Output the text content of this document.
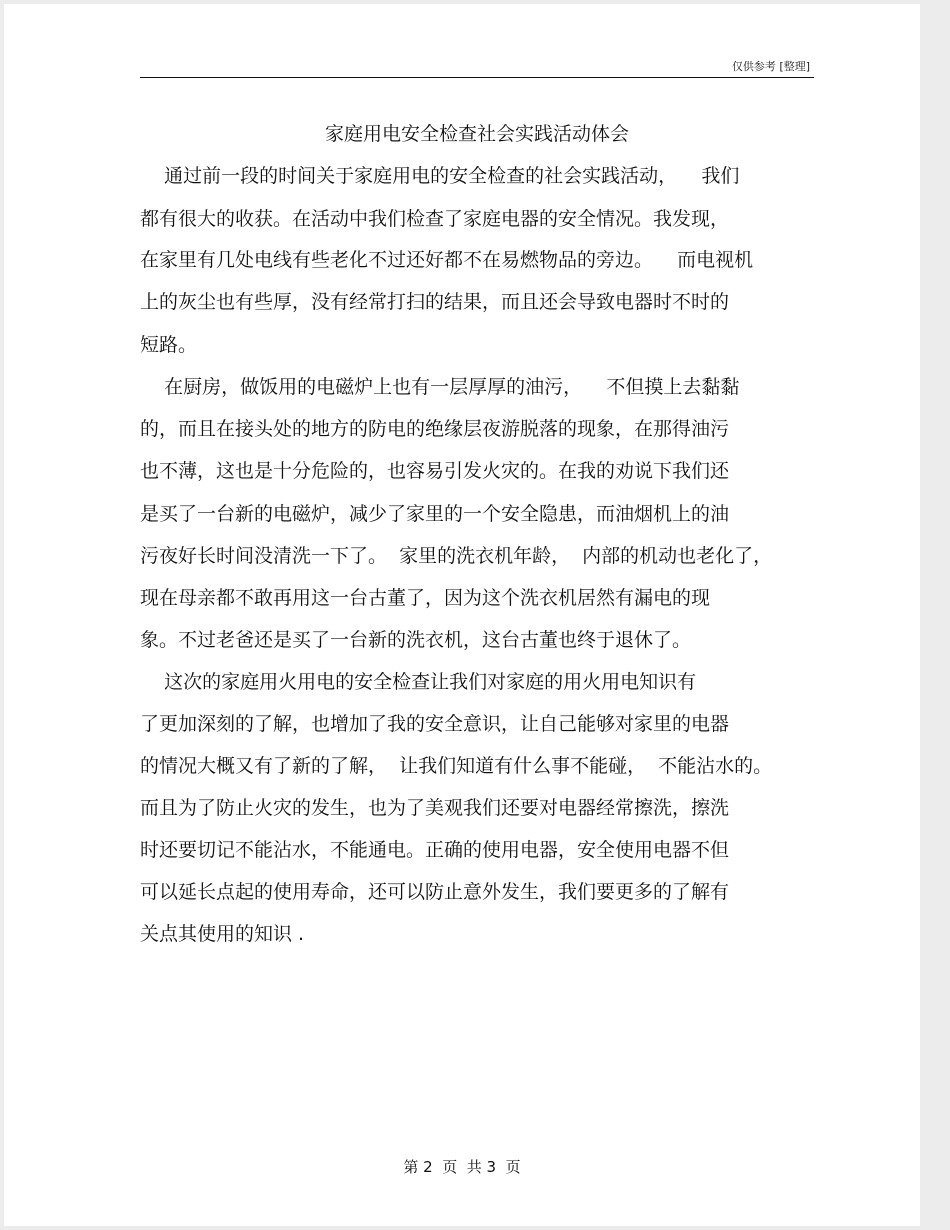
仅供参考 [整理]
家庭用电安全检查社会实践活动体会
通过前一段的时间关于家庭用电的安全检查的社会实践活动，    我们
都有很大的收获。在活动中我们检查了家庭电器的安全情况。我发现，
在家里有几处电线有些老化不过还好都不在易燃物品的旁边。    而电视机
上的灰尘也有些厚，没有经常打扫的结果，而且还会导致电器时不时的
短路。
在厨房，做饭用的电磁炉上也有一层厚厚的油污，    不但摸上去黏黏
的，而且在接头处的地方的防电的绝缘层夜游脱落的现象，在那得油污
也不薄，这也是十分危险的，也容易引发火灾的。在我的劝说下我们还
是买了一台新的电磁炉，减少了家里的一个安全隐患，而油烟机上的油
污夜好长时间没清洗一下了。  家里的洗衣机年龄，  内部的机动也老化了，
现在母亲都不敢再用这一台古董了，因为这个洗衣机居然有漏电的现
象。不过老爸还是买了一台新的洗衣机，这台古董也终于退休了。
这次的家庭用火用电的安全检查让我们对家庭的用火用电知识有
了更加深刻的了解，也增加了我的安全意识，让自己能够对家里的电器
的情况大概又有了新的了解，  让我们知道有什么事不能碰，  不能沾水的。
而且为了防止火灾的发生，也为了美观我们还要对电器经常擦洗，擦洗
时还要切记不能沾水，不能通电。正确的使用电器，安全使用电器不但
可以延长点起的使用寿命，还可以防止意外发生，我们要更多的了解有
关点其使用的知识 .
第 2  页  共 3  页
